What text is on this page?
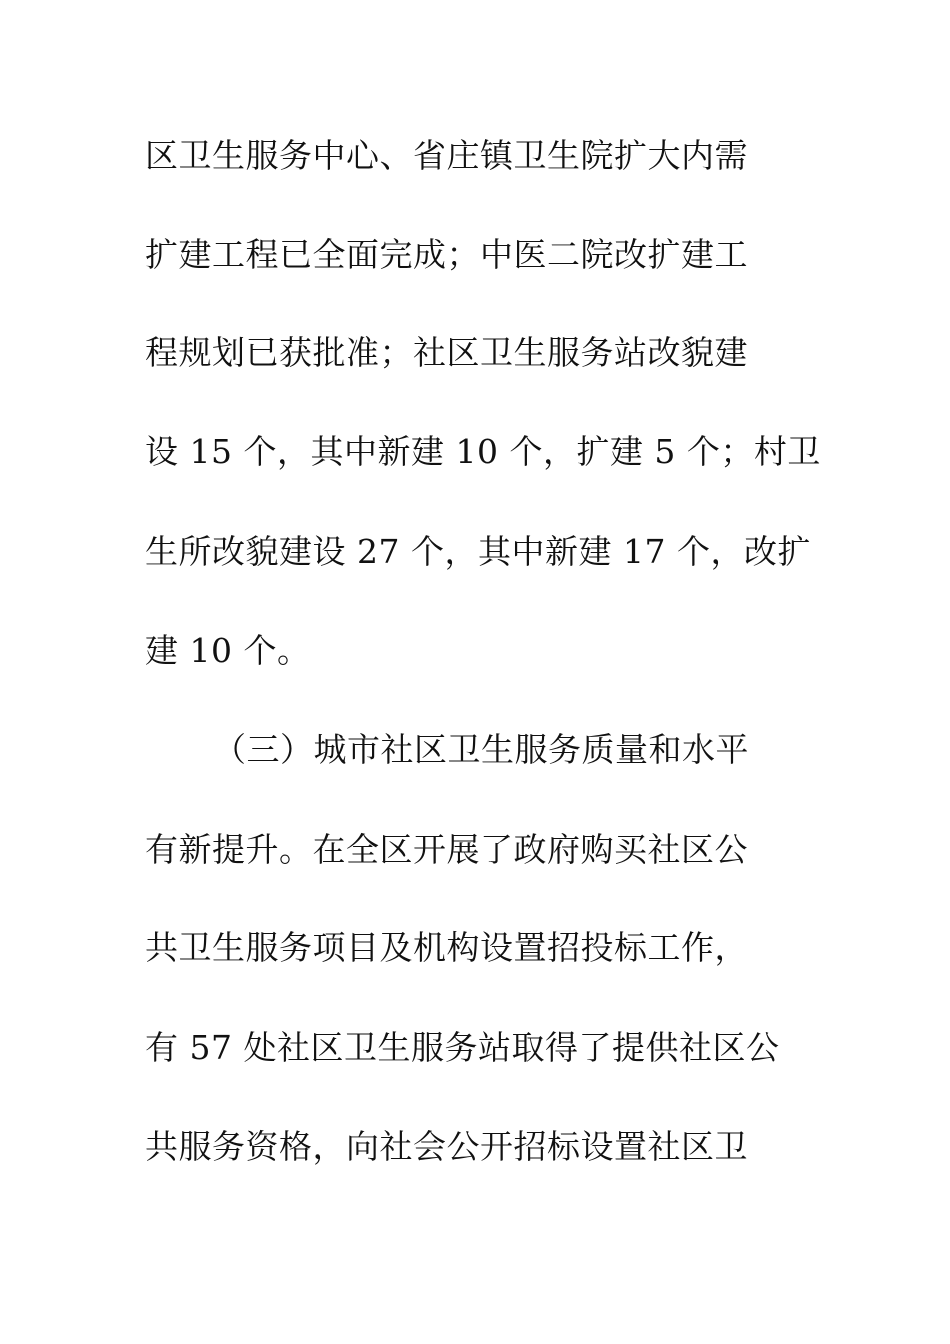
区卫生服务中心、省庄镇卫生院扩大内需
扩建工程已全面完成；中医二院改扩建工
程规划已获批准；社区卫生服务站改貌建
设 15 个，其中新建 10 个，扩建 5 个；村卫
生所改貌建设 27 个，其中新建 17 个，改扩
建 10 个。
（三）城市社区卫生服务质量和水平
有新提升。在全区开展了政府购买社区公
共卫生服务项目及机构设置招投标工作，
有 57 处社区卫生服务站取得了提供社区公
共服务资格，向社会公开招标设置社区卫
